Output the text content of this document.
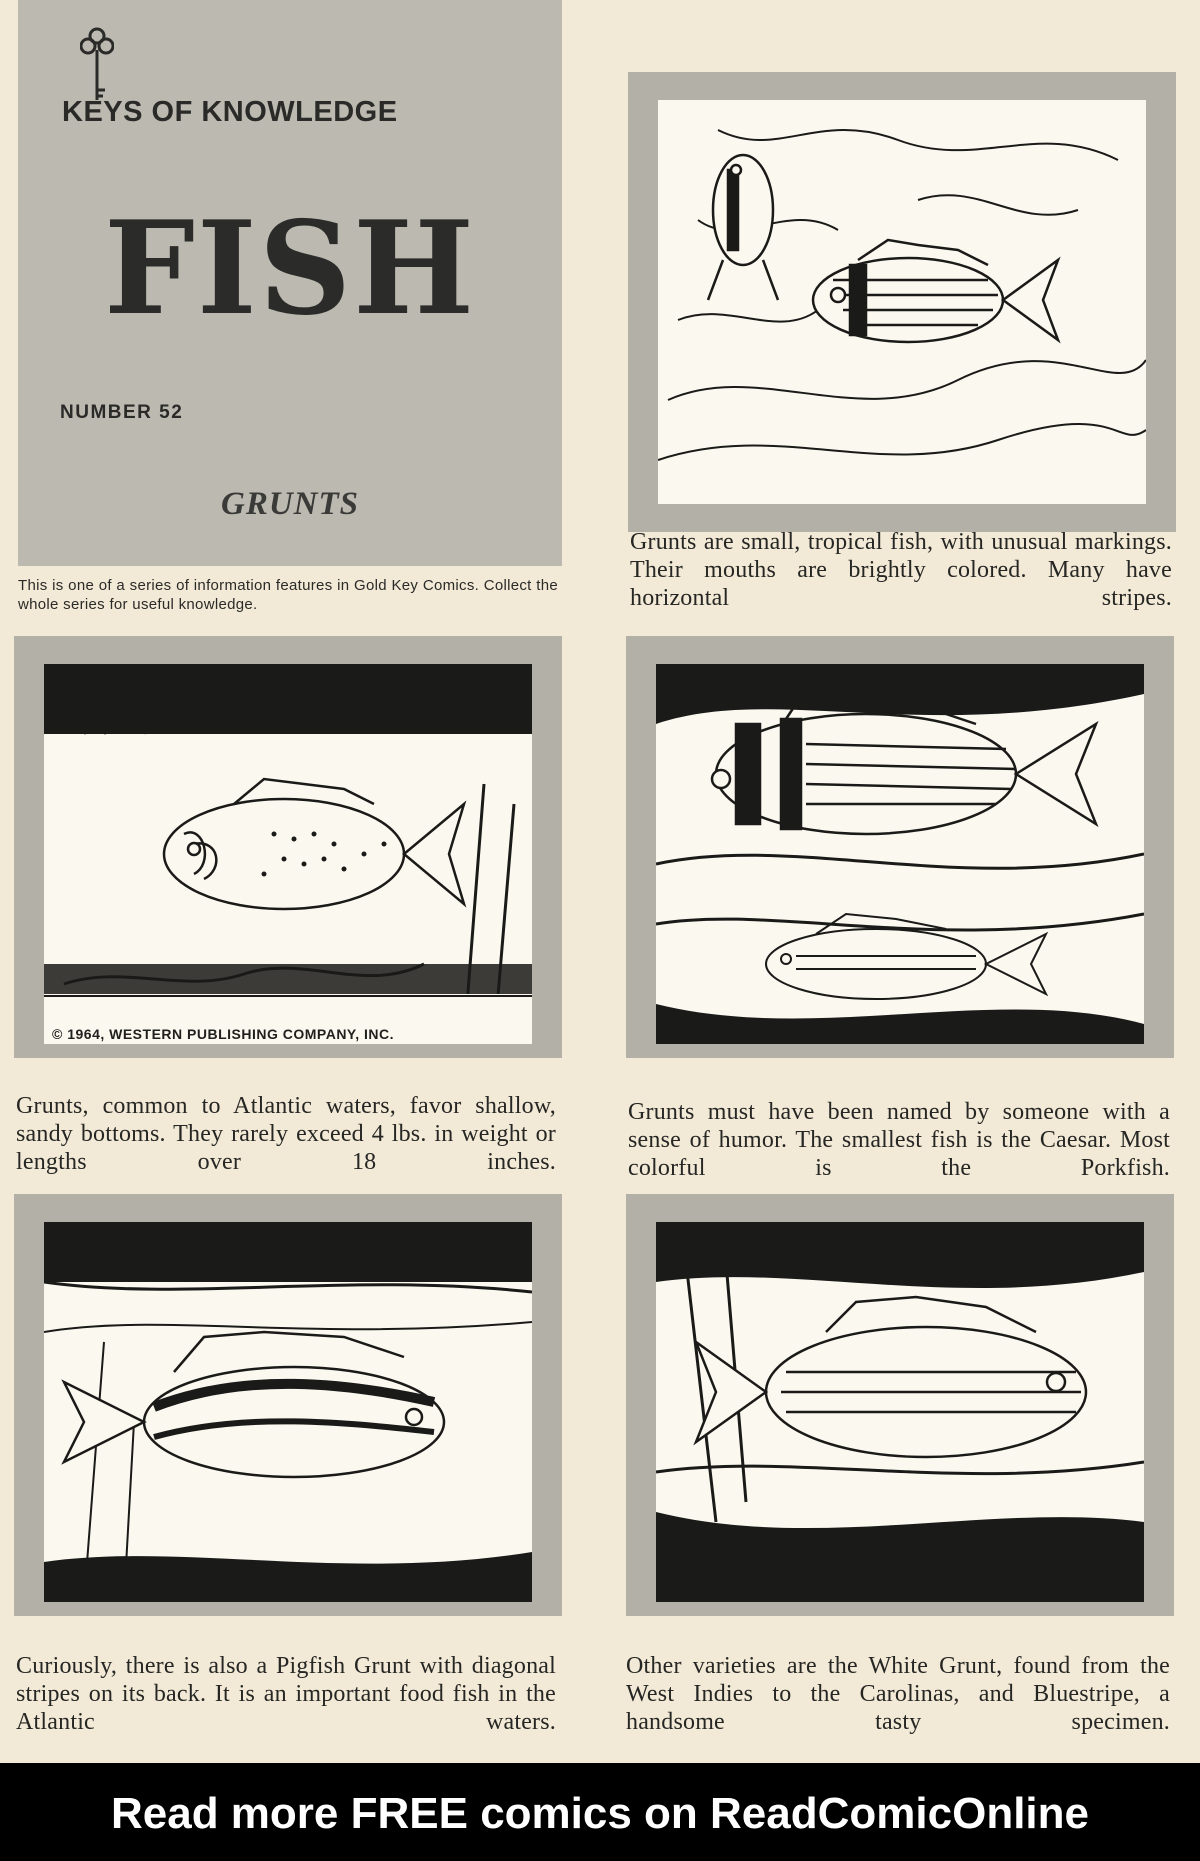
KEYS OF KNOWLEDGE
FISH
NUMBER 52
GRUNTS
This is one of a series of information features in Gold Key Comics. Collect the whole series for useful knowledge.
Grunts are small, tropical fish, with unusual markings. Their mouths are brightly colored. Many have horizontal stripes.
© 1964, WESTERN PUBLISHING COMPANY, INC.
Grunts, common to Atlantic waters, favor shallow, sandy bottoms. They rarely exceed 4 lbs. in weight or lengths over 18 inches.
Grunts must have been named by someone with a sense of humor. The smallest fish is the Caesar. Most colorful is the Porkfish.
Curiously, there is also a Pigfish Grunt with diagonal stripes on its back. It is an important food fish in the Atlantic waters.
Other varieties are the White Grunt, found from the West Indies to the Carolinas, and Bluestripe, a handsome tasty specimen.
Read more FREE comics on ReadComicOnline
